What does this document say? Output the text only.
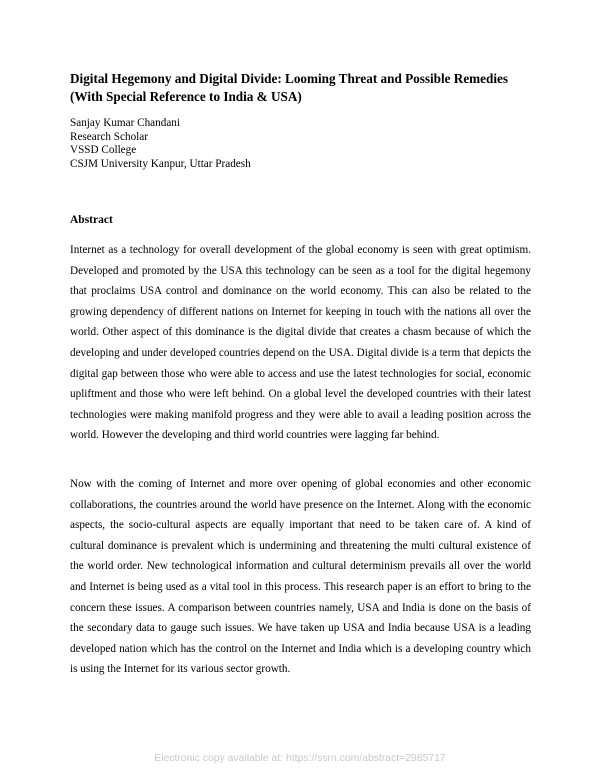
Digital Hegemony and Digital Divide: Looming Threat and Possible Remedies
(With Special Reference to India & USA)
Sanjay Kumar Chandani
Research Scholar
VSSD College
CSJM University Kanpur, Uttar Pradesh
Abstract

Internet as a technology for overall development of the global economy is seen with great optimism. Developed and promoted by the USA this technology can be seen as a tool for the digital hegemony that proclaims USA control and dominance on the world economy. This can also be related to the growing dependency of different nations on Internet for keeping in touch with the nations all over the world. Other aspect of this dominance is the digital divide that creates a chasm because of which the developing and under developed countries depend on the USA. Digital divide is a term that depicts the digital gap between those who were able to access and use the latest technologies for social, economic upliftment and those who were left behind. On a global level the developed countries with their latest technologies were making manifold progress and they were able to avail a leading position across the world. However the developing and third world countries were lagging far behind.

Now with the coming of Internet and more over opening of global economies and other economic collaborations, the countries around the world have presence on the Internet. Along with the economic aspects, the socio-cultural aspects are equally important that need to be taken care of. A kind of cultural dominance is prevalent which is undermining and threatening the multi cultural existence of the world order. New technological information and cultural determinism prevails all over the world and Internet is being used as a vital tool in this process. This research paper is an effort to bring to the concern these issues. A comparison between countries namely, USA and India is done on the basis of the secondary data to gauge such issues. We have taken up USA and India because USA is a leading developed nation which has the control on the Internet and India which is a developing country which is using the Internet for its various sector growth.

Electronic copy available at: https://ssrn.com/abstract=2985717
